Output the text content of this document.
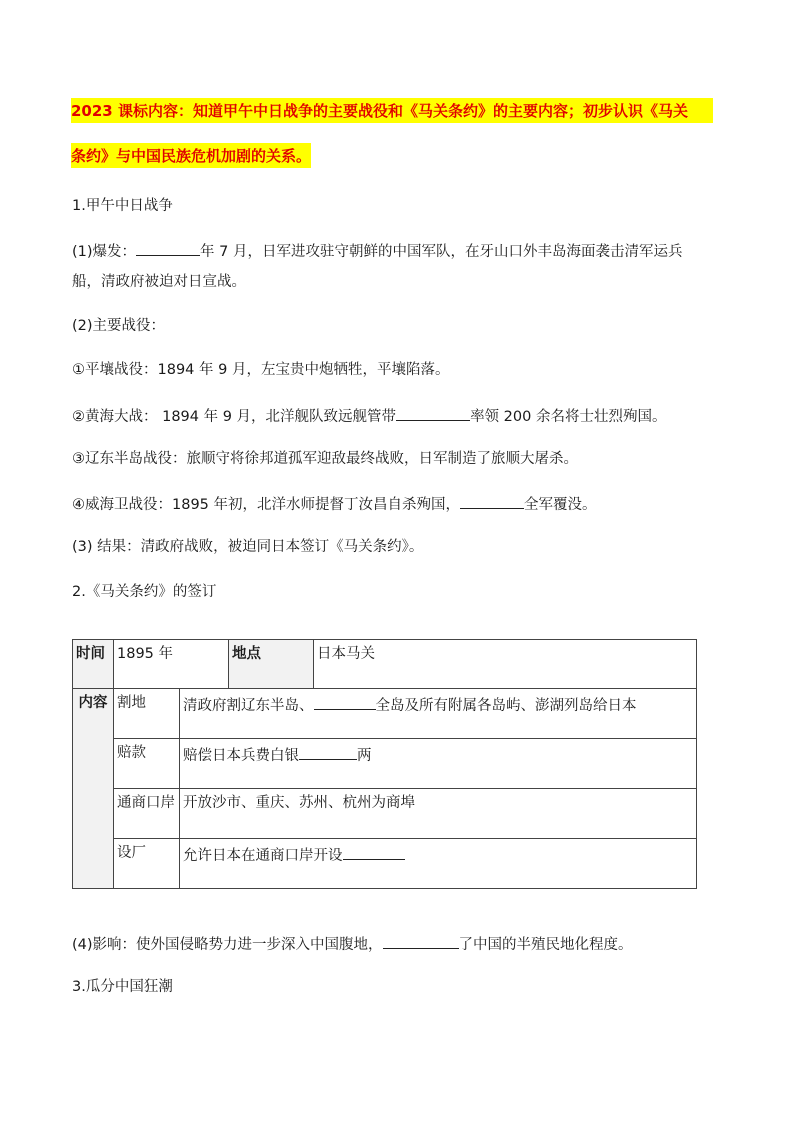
2023 课标内容：知道甲午中日战争的主要战役和《马关条约》的主要内容；初步认识《马关
条约》与中国民族危机加剧的关系。
1.甲午中日战争
(1)爆发：	年 7 月，日军进攻驻守朝鲜的中国军队，在牙山口外丰岛海面袭击清军运兵
船，清政府被迫对日宣战。
(2)主要战役：
①平壤战役：1894 年 9 月，左宝贵中炮牺牲，平壤陷落。
②黄海大战： 1894 年 9 月，北洋舰队致远舰管带	率领 200 余名将士壮烈殉国。
③辽东半岛战役：旅顺守将徐邦道孤军迎敌最终战败，日军制造了旅顺大屠杀。
④威海卫战役：1895 年初，北洋水师提督丁汝昌自杀殉国，	全军覆没。
(3) 结果：清政府战败，被迫同日本签订《马关条约》。
2.《马关条约》的签订
时间	1895 年		地点	日本马关
内容	割地	清政府割辽东半岛、 全岛及所有附属各岛屿、澎湖列岛给日本		
	赔款	赔偿日本兵费白银 两		
	通商口岸	开放沙市、重庆、苏州、杭州为商埠		
	设厂	允许日本在通商口岸开设		
(4)影响：使外国侵略势力进一步深入中国腹地，	了中国的半殖民地化程度。
3.瓜分中国狂潮
